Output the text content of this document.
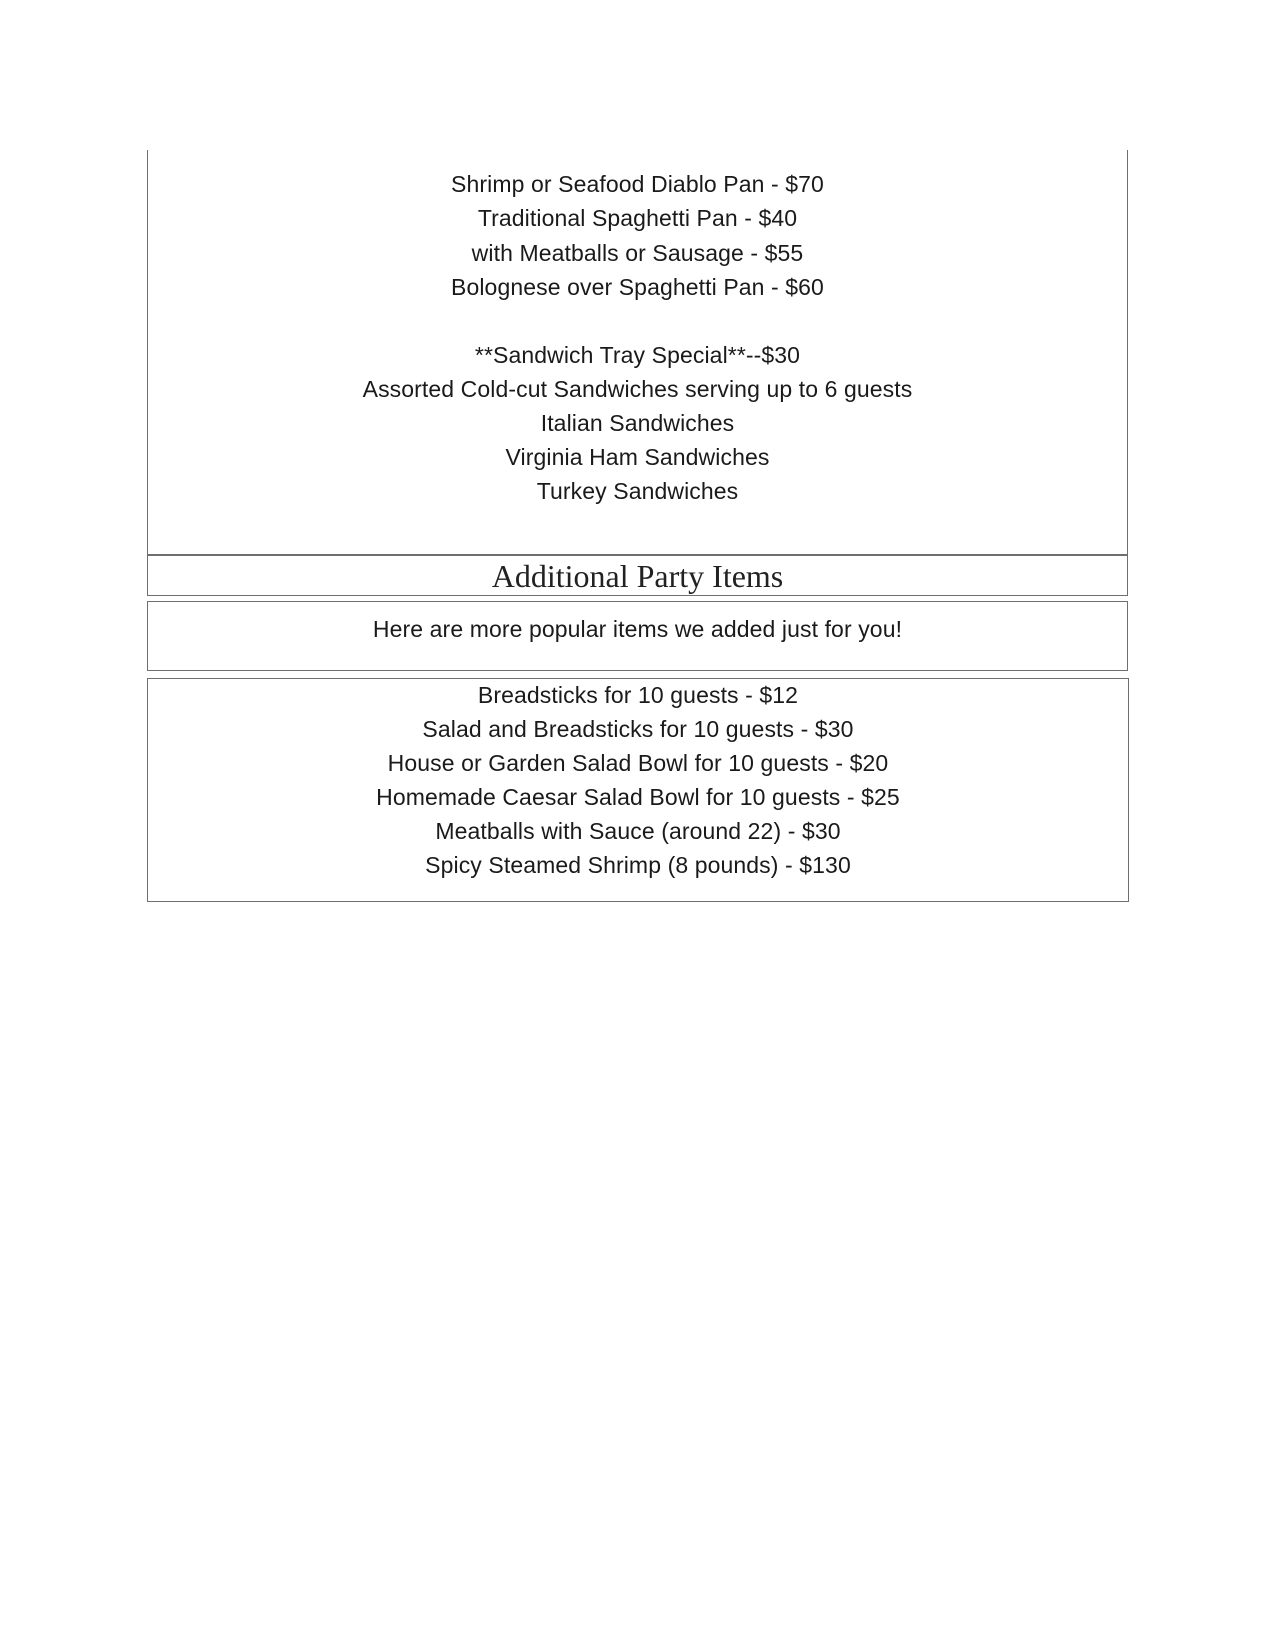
Shrimp or Seafood Diablo Pan - $70
Traditional Spaghetti Pan - $40
with Meatballs or Sausage - $55
Bolognese over Spaghetti Pan - $60
**Sandwich Tray Special**--$30
Assorted Cold-cut Sandwiches serving up to 6 guests
Italian Sandwiches
Virginia Ham Sandwiches
Turkey Sandwiches
Additional Party Items
Here are more popular items we added just for you!
Breadsticks for 10 guests - $12
Salad and Breadsticks for 10 guests - $30
House or Garden Salad Bowl for 10 guests - $20
Homemade Caesar Salad Bowl for 10 guests - $25
Meatballs with Sauce (around 22) - $30
Spicy Steamed Shrimp (8 pounds) - $130
